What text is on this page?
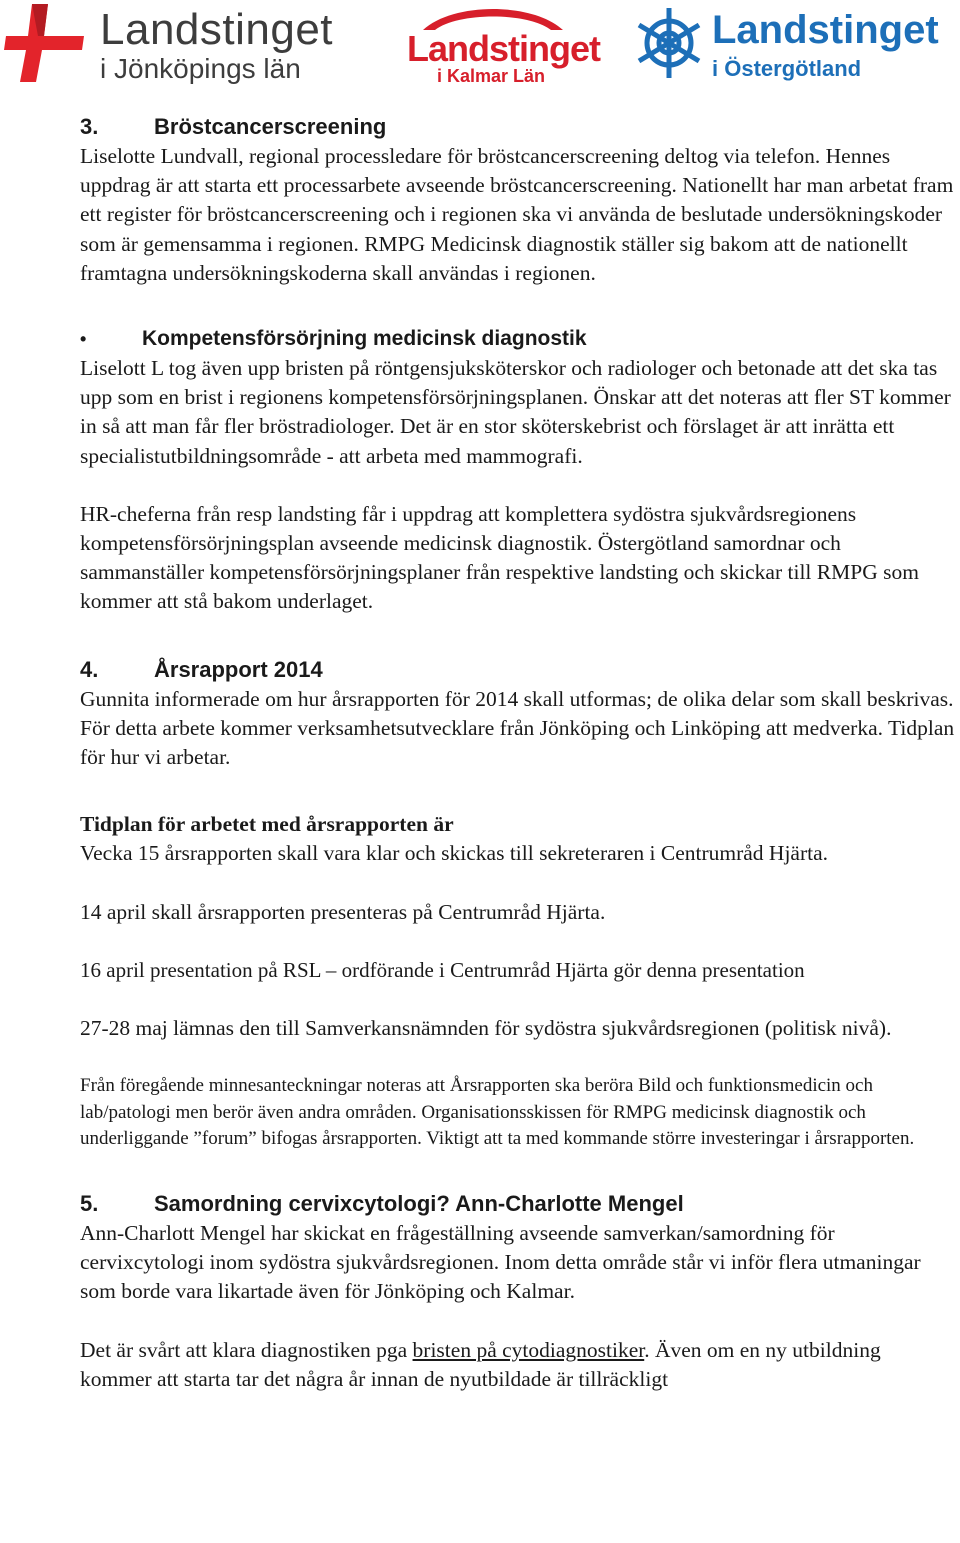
Landstinget
i Jönköpings län	Landstinget
i Kalmar Län
Landstinget
i Östergötland

3.	Bröstcancerscreening

Liselotte Lundvall, regional processledare för bröstcancerscreening deltog via telefon. Hennes uppdrag är att starta ett processarbete avseende bröstcancerscreening. Nationellt har man arbetat fram ett register för bröstcancerscreening och i regionen ska vi använda de beslutade undersökningskoder som är gemensamma i regionen. RMPG Medicinsk diagnostik ställer sig bakom att de nationellt framtagna undersökningskoderna skall användas i regionen.

•	Kompetensförsörjning medicinsk diagnostik

Liselott L tog även upp bristen på röntgensjuksköterskor och radiologer och betonade att det ska tas upp som en brist i regionens kompetensförsörjningsplanen. Önskar att det noteras att fler ST kommer in så att man får fler bröstradiologer. Det är en stor sköterskebrist och förslaget är att inrätta ett specialistutbildningsområde - att arbeta med mammografi.

HR-cheferna från resp landsting får i uppdrag att komplettera sydöstra sjukvårdsregionens kompetensförsörjningsplan avseende medicinsk diagnostik. Östergötland samordnar och sammanställer kompetensförsörjningsplaner från respektive landsting och skickar till RMPG som kommer att stå bakom underlaget.

4.	Årsrapport 2014

Gunnita informerade om hur årsrapporten för 2014 skall utformas; de olika delar som skall beskrivas. För detta arbete kommer verksamhetsutvecklare från Jönköping och Linköping att medverka. Tidplan för hur vi arbetar.

Tidplan för arbetet med årsrapporten är

Vecka 15 årsrapporten skall vara klar och skickas till sekreteraren i Centrumråd Hjärta.

14 april skall årsrapporten presenteras på Centrumråd Hjärta.

16 april presentation på RSL – ordförande i Centrumråd Hjärta gör denna presentation

27-28 maj lämnas den till Samverkansnämnden för sydöstra sjukvårdsregionen (politisk nivå).

Från föregående minnesanteckningar noteras att Årsrapporten ska beröra Bild och funktionsmedicin och lab/patologi men berör även andra områden. Organisationsskissen för RMPG medicinsk diagnostik och underliggande ”forum” bifogas årsrapporten. Viktigt att ta med kommande större investeringar i årsrapporten.

5.	Samordning cervixcytologi? Ann-Charlotte Mengel

Ann-Charlott Mengel har skickat en frågeställning avseende samverkan/samordning för cervixcytologi inom sydöstra sjukvårdsregionen. Inom detta område står vi inför flera utmaningar som borde vara likartade även för Jönköping och Kalmar.

Det är svårt att klara diagnostiken pga bristen på cytodiagnostiker. Även om en ny utbildning kommer att starta tar det några år innan de nyutbildade är tillräckligt
